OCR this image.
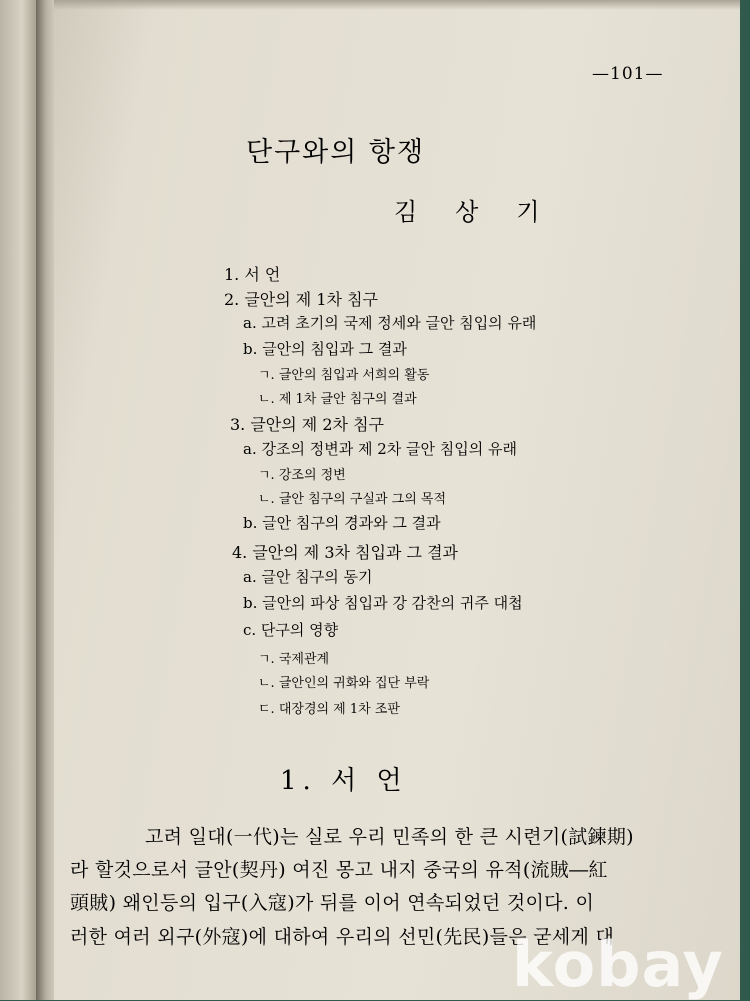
—101—
단구와의 항쟁
김상기
1. 서 언
2. 글안의 제 1차 침구
a. 고려 초기의 국제 정세와 글안 침입의 유래
b. 글안의 침입과 그 결과
ㄱ. 글안의 침입과 서희의 활동
ㄴ. 제 1차 글안 침구의 결과
3. 글안의 제 2차 침구
a. 강조의 정변과 제 2차 글안 침입의 유래
ㄱ. 강조의 정변
ㄴ. 글안 침구의 구실과 그의 목적
b. 글안 침구의 경과와 그 결과
4. 글안의 제 3차 침입과 그 결과
a. 글안 침구의 동기
b. 글안의 파상 침입과 강 감찬의 귀주 대첩
c. 단구의 영향
ㄱ. 국제관계
ㄴ. 글안인의 귀화와 집단 부락
ㄷ. 대장경의 제 1차 조판
1. 서 언
고려 일대(一代)는 실로 우리 민족의 한 큰 시련기(試鍊期)
라 할것으로서 글안(契丹) 여진 몽고 내지 중국의 유적(流賊―紅
頭賊) 왜인등의 입구(入寇)가 뒤를 이어 연속되었던 것이다. 이
러한 여러 외구(外寇)에 대하여 우리의 선민(先民)들은 굳세게 대
kobay
